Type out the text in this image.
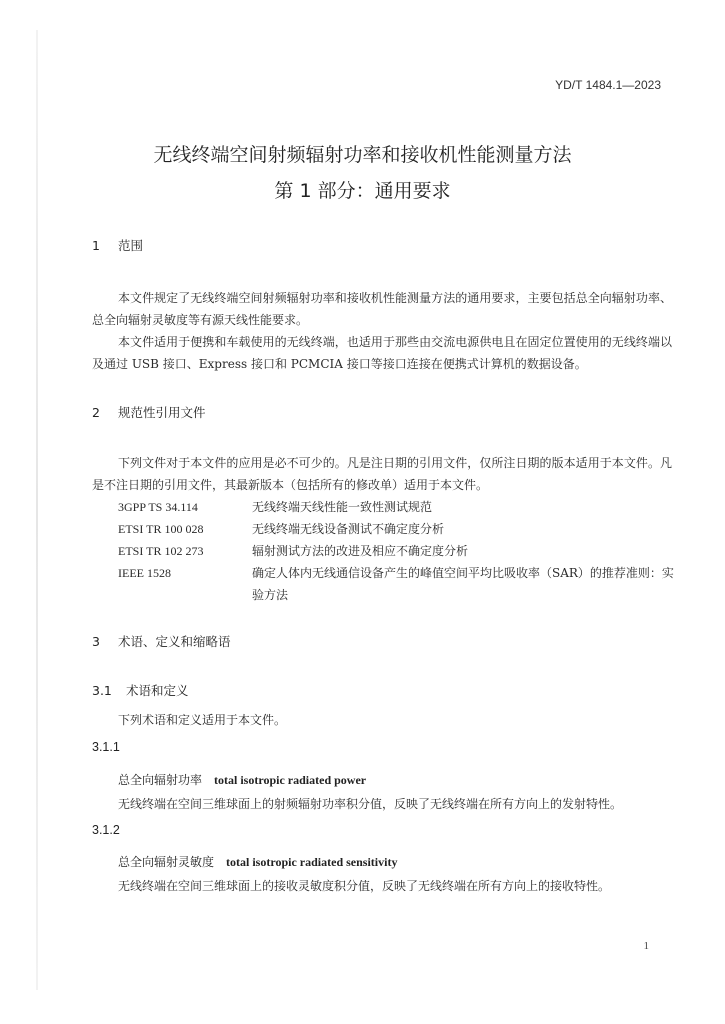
YD/T 1484.1—2023
无线终端空间射频辐射功率和接收机性能测量方法
第 1 部分：通用要求
1 范围
本文件规定了无线终端空间射频辐射功率和接收机性能测量方法的通用要求，主要包括总全向辐射功率、总全向辐射灵敏度等有源天线性能要求。
本文件适用于便携和车载使用的无线终端，也适用于那些由交流电源供电且在固定位置使用的无线终端以及通过 USB 接口、Express 接口和 PCMCIA 接口等接口连接在便携式计算机的数据设备。
2 规范性引用文件
下列文件对于本文件的应用是必不可少的。凡是注日期的引用文件，仅所注日期的版本适用于本文件。凡是不注日期的引用文件，其最新版本（包括所有的修改单）适用于本文件。
3GPP TS 34.114	无线终端天线性能一致性测试规范
ETSI TR 100 028	无线终端无线设备测试不确定度分析
ETSI TR 102 273	辐射测试方法的改进及相应不确定度分析
IEEE 1528	确定人体内无线通信设备产生的峰值空间平均比吸收率（SAR）的推荐准则：实验方法
3 术语、定义和缩略语
3.1 术语和定义
下列术语和定义适用于本文件。
3.1.1
总全向辐射功率 total isotropic radiated power
无线终端在空间三维球面上的射频辐射功率积分值，反映了无线终端在所有方向上的发射特性。
3.1.2
总全向辐射灵敏度 total isotropic radiated sensitivity
无线终端在空间三维球面上的接收灵敏度积分值，反映了无线终端在所有方向上的接收特性。
1
